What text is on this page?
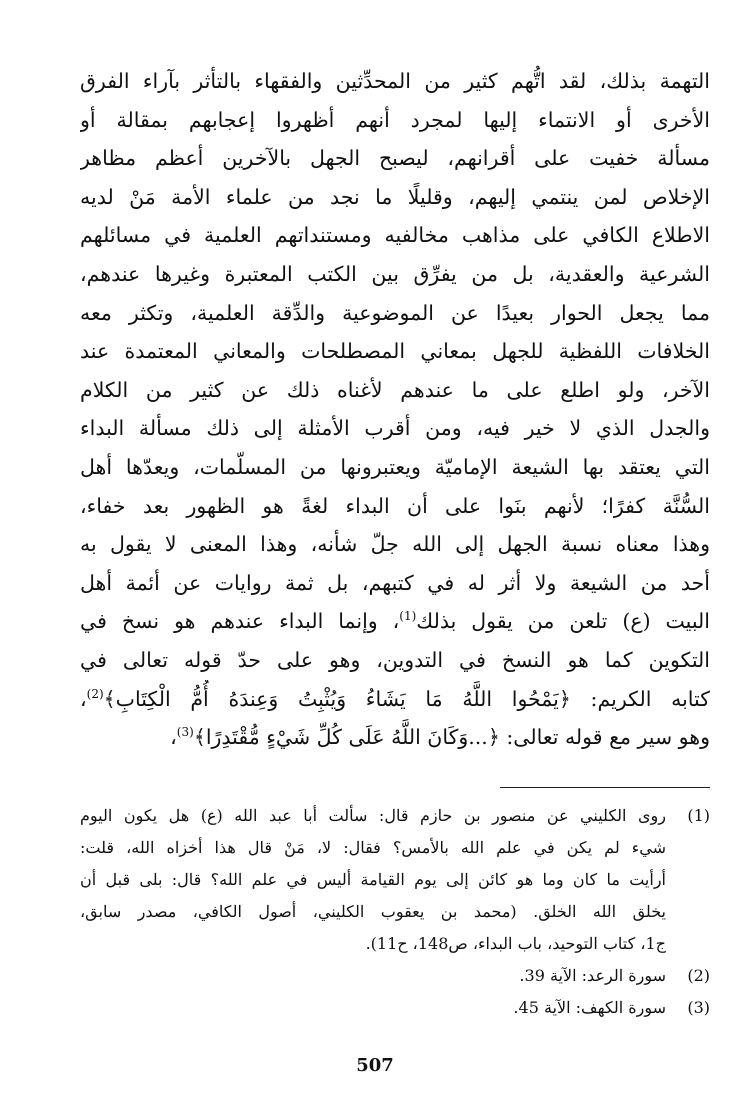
التهمة بذلك، لقد اتُّهم كثير من المحدِّثين والفقهاء بالتأثر بآراء الفرق
الأخرى أو الانتماء إليها لمجرد أنهم أظهروا إعجابهم بمقالة أو
مسألة خفيت على أقرانهم، ليصبح الجهل بالآخرين أعظم مظاهر
الإخلاص لمن ينتمي إليهم، وقليلًا ما نجد من علماء الأمة مَنْ لديه
الاطلاع الكافي على مذاهب مخالفيه ومستنداتهم العلمية في مسائلهم
الشرعية والعقدية، بل من يفرِّق بين الكتب المعتبرة وغيرها عندهم،
مما يجعل الحوار بعيدًا عن الموضوعية والدِّقة العلمية، وتكثر معه
الخلافات اللفظية للجهل بمعاني المصطلحات والمعاني المعتمدة عند
الآخر، ولو اطلع على ما عندهم لأغناه ذلك عن كثير من الكلام
والجدل الذي لا خير فيه، ومن أقرب الأمثلة إلى ذلك مسألة البداء
التي يعتقد بها الشيعة الإماميّة ويعتبرونها من المسلّمات، ويعدّها أهل
السُّنَّة كفرًا؛ لأنهم بنَوا على أن البداء لغةً هو الظهور بعد خفاء،
وهذا معناه نسبة الجهل إلى الله جلّ شأنه، وهذا المعنى لا يقول به
أحد من الشيعة ولا أثر له في كتبهم، بل ثمة روايات عن أئمة أهل
البيت (ع) تلعن من يقول بذلك$^{(1)}$، وإنما البداء عندهم هو نسخ في
التكوين كما هو النسخ في التدوين، وهو على حدّ قوله تعالى في
كتابه الكريم: ﴿يَمْحُوا اللَّهُ مَا يَشَاءُ وَيُثْبِتُ وَعِندَهُ أُمُّ الْكِتَابِ﴾$^{(2)}$،
وهو سير مع قوله تعالى: ﴿...وَكَانَ اللَّهُ عَلَى كُلِّ شَيْءٍ مُّقْتَدِرًا﴾$^{(3)}$،
(1)
روى الكليني عن منصور بن حازم قال: سألت أبا عبد الله (ع) هل يكون اليوم
شيء لم يكن في علم الله بالأمس؟ فقال: لا، مَنْ قال هذا أخزاه الله، قلت:
أرأيت ما كان وما هو كائن إلى يوم القيامة أليس في علم الله؟ قال: بلى قبل أن
يخلق الله الخلق. (محمد بن يعقوب الكليني، أصول الكافي، مصدر سابق،
ج1، كتاب التوحيد، باب البداء، ص148، ح11).
(2)
سورة الرعد: الآية 39.
(3)
سورة الكهف: الآية 45.
507
